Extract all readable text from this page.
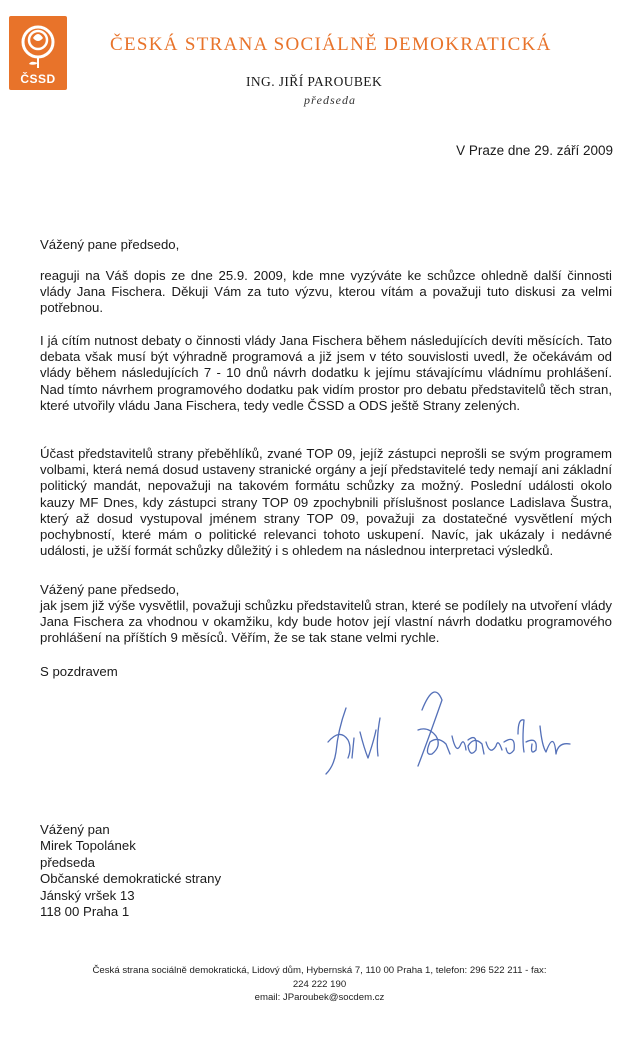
ČSSD
ČESKÁ STRANA SOCIÁLNĚ DEMOKRATICKÁ
ING. JIŘÍ PAROUBEK
předseda
V Praze dne 29. září 2009

Vážený pane předsedo,

reaguji na Váš dopis ze dne 25.9. 2009, kde mne vyzýváte ke schůzce ohledně další činnosti vlády Jana Fischera. Děkuji Vám za tuto výzvu, kterou vítám a považuji tuto diskusi za velmi potřebnou.

I já cítím nutnost debaty o činnosti vlády Jana Fischera během následujících devíti měsících. Tato debata však musí být výhradně programová a již jsem v této souvislosti uvedl, že očekávám od vlády během následujících 7 - 10 dnů návrh dodatku k jejímu stávajícímu vládnímu prohlášení. Nad tímto návrhem programového dodatku pak vidím prostor pro debatu představitelů těch stran, které utvořily vládu Jana Fischera, tedy vedle ČSSD a ODS ještě Strany zelených.

Účast představitelů strany přeběhlíků, zvané TOP 09, jejíž zástupci neprošli se svým programem volbami, která nemá dosud ustaveny stranické orgány a její představitelé tedy nemají ani základní politický mandát, nepovažuji na takovém formátu schůzky za možný. Poslední události okolo kauzy MF Dnes, kdy zástupci strany TOP 09 zpochybnili příslušnost poslance Ladislava Šustra, který až dosud vystupoval jménem strany TOP 09, považuji za dostatečné vysvětlení mých pochybností, které mám o politické relevanci tohoto uskupení. Navíc, jak ukázaly i nedávné události, je užší formát schůzky důležitý i s ohledem na následnou interpretaci výsledků.

Vážený pane předsedo,

jak jsem již výše vysvětlil, považuji schůzku představitelů stran, které se podílely na utvoření vlády Jana Fischera za vhodnou v okamžiku, kdy bude hotov její vlastní návrh dodatku programového prohlášení na příštích 9 měsíců. Věřím, že se tak stane velmi rychle.

S pozdravem

Vážený pan
Mirek Topolánek
předseda
Občanské demokratické strany
Jánský vršek 13
118 00 Praha 1
Česká strana sociálně demokratická, Lidový dům, Hybernská 7, 110 00 Praha 1, telefon: 296 522 211 - fax:
224 222 190
email: JParoubek@socdem.cz
